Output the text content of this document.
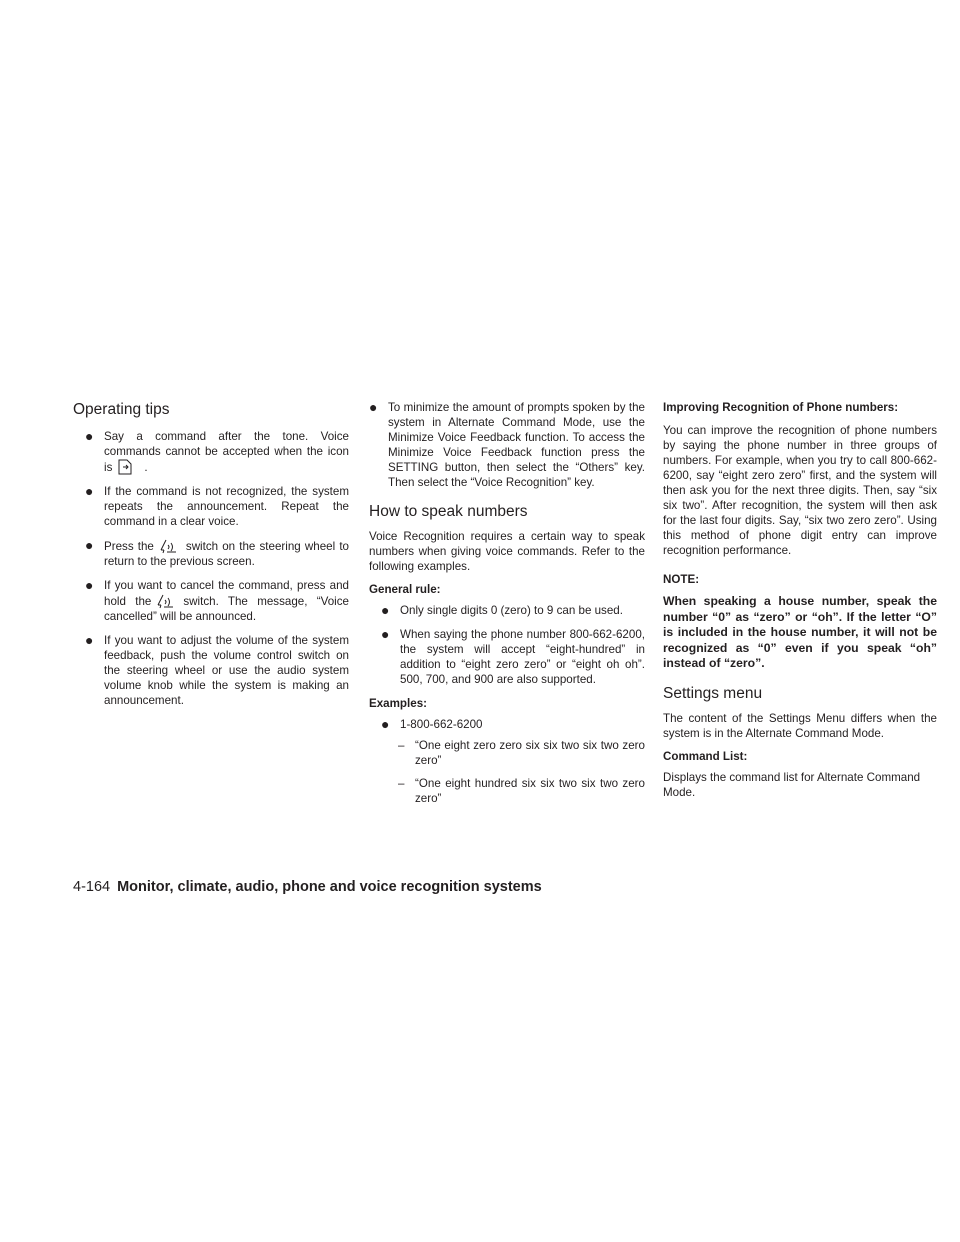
Operating tips
● Say a command after the tone. Voice commands cannot be accepted when the icon is	.
● If the command is not recognized, the system repeats the announcement. Repeat the command in a clear voice.
● Press the	switch on the steering wheel to return to the previous screen.
● If you want to cancel the command, press and hold the	switch. The message, “Voice cancelled” will be announced.
● If you want to adjust the volume of the system feedback, push the volume control switch on the steering wheel or use the audio system volume knob while the system is making an announcement.
● To minimize the amount of prompts spoken by the system in Alternate Command Mode, use the Minimize Voice Feedback function. To access the Minimize Voice Feedback function press the SETTING button, then select the “Others” key. Then select the “Voice Recognition” key.
How to speak numbers

Voice Recognition requires a certain way to speak numbers when giving voice commands. Refer to the following examples.

General rule:

● Only single digits 0 (zero) to 9 can be used.
● When saying the phone number 800-662-6200, the system will accept “eight-hundred” in addition to “eight zero zero” or “eight oh oh”. 500, 700, and 900 are also supported.

Examples:

● 1-800-662-6200
– “One eight zero zero six six two six two zero zero”
– “One eight hundred six six two six two zero zero”

Improving Recognition of Phone numbers:

You can improve the recognition of phone numbers by saying the phone number in three groups of numbers. For example, when you try to call 800-662-6200, say “eight zero zero” first, and the system will then ask you for the next three digits. Then, say “six six two”. After recognition, the system will then ask for the last four digits. Say, “six two zero zero”. Using this method of phone digit entry can improve recognition performance.

NOTE:

When speaking a house number, speak the number “0” as “zero” or “oh”. If the letter “O” is included in the house number, it will not be recognized as “0” even if you speak “oh” instead of “zero”.

Settings menu

The content of the Settings Menu differs when the system is in the Alternate Command Mode.

Command List:

Displays the command list for Alternate Command Mode.

4-164 Monitor, climate, audio, phone and voice recognition systems
